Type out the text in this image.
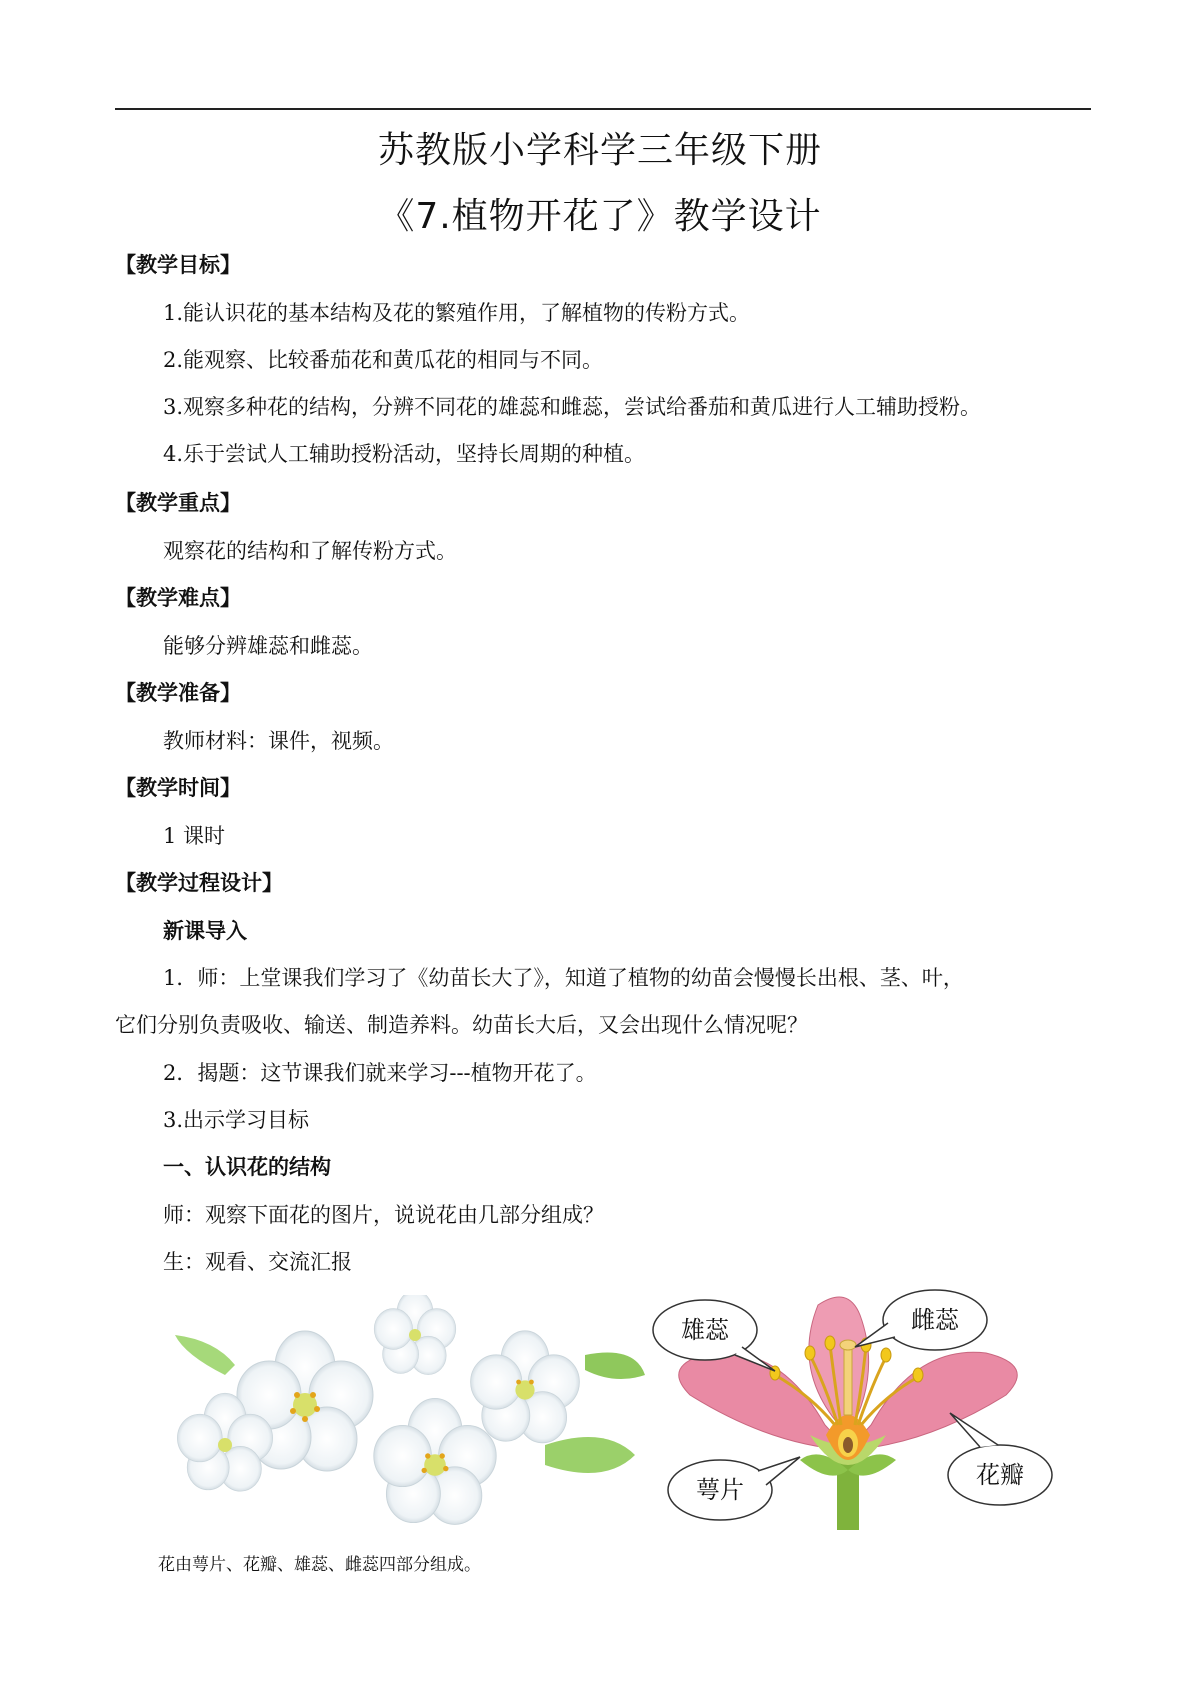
苏教版小学科学三年级下册
《7.植物开花了》教学设计
【教学目标】
1.能认识花的基本结构及花的繁殖作用，了解植物的传粉方式。
2.能观察、比较番茄花和黄瓜花的相同与不同。
3.观察多种花的结构，分辨不同花的雄蕊和雌蕊，尝试给番茄和黄瓜进行人工辅助授粉。
4.乐于尝试人工辅助授粉活动，坚持长周期的种植。
【教学重点】
观察花的结构和了解传粉方式。
【教学难点】
能够分辨雄蕊和雌蕊。
【教学准备】
教师材料：课件，视频。
【教学时间】
1 课时
【教学过程设计】
新课导入
1．师：上堂课我们学习了《幼苗长大了》，知道了植物的幼苗会慢慢长出根、茎、叶，
它们分别负责吸收、输送、制造养料。幼苗长大后，又会出现什么情况呢？
2．揭题：这节课我们就来学习---植物开花了。
3.出示学习目标
一、认识花的结构
师：观察下面花的图片，说说花由几部分组成？
生：观看、交流汇报
雄蕊	雌蕊
萼片
花瓣
花由萼片、花瓣、雄蕊、雌蕊四部分组成。
